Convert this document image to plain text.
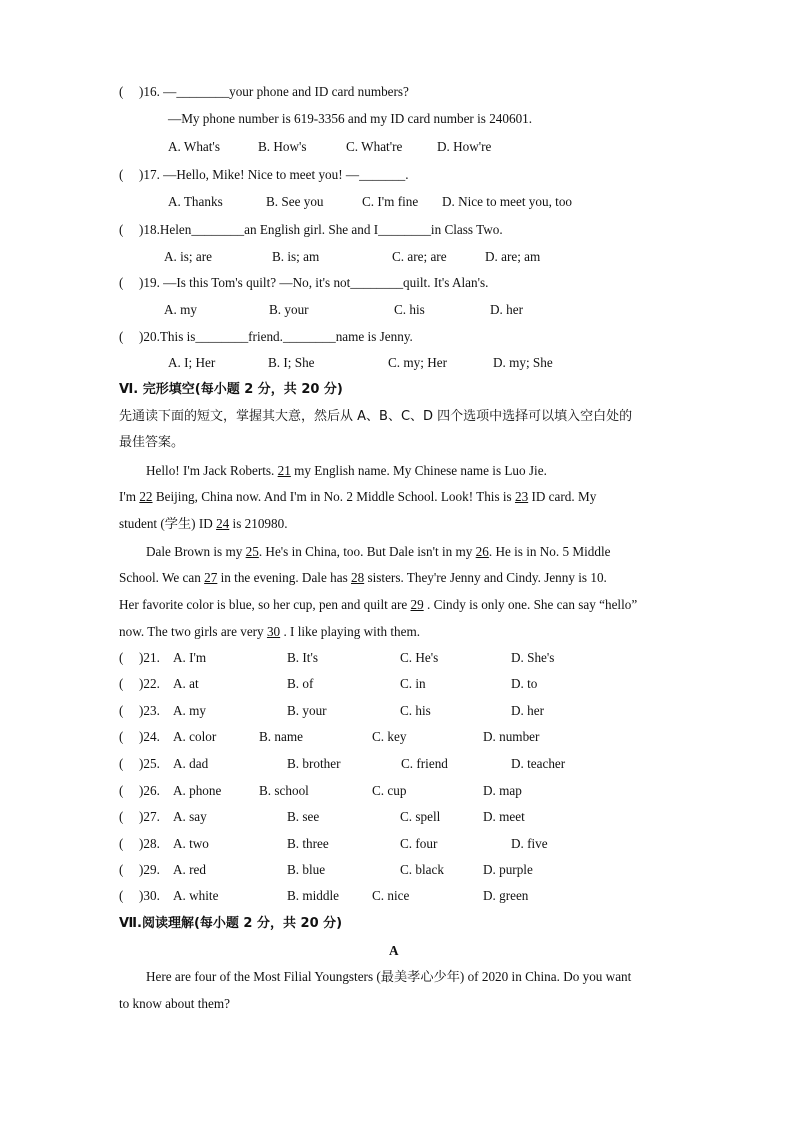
( )16. —________your phone and ID card numbers?
—My phone number is 619-3356 and my ID card number is 240601.
A. What's	B. How's	C. What're	D. How're
( )17. —Hello, Mike! Nice to meet you! —_______.
A. Thanks	B. See you	C. I'm fine D. Nice to meet you, too
( )18.Helen________an English girl. She and I________in Class Two.
A. is; are	B. is; am	C. are; are	D. are; am
( )19. —Is this Tom's quilt? —No, it's not________quilt. It's Alan's.
A. my	B. your	C. his	D. her
( )20.This is________friend.________name is Jenny.
A. I; Her	B. I; She	C. my; Her	D. my; She
Ⅵ. 完形填空(每小题 2 分，共 20 分)
先通读下面的短文，掌握其大意，然后从 A、B、C、D 四个选项中选择可以填入空白处的
最佳答案。
Hello! I'm Jack Roberts. 21 my English name. My Chinese name is Luo Jie.
I'm 22 Beijing, China now. And I'm in No. 2 Middle School. Look! This is 23 ID card. My
student (学生) ID 24 is 210980.
Dale Brown is my 25. He's in China, too. But Dale isn't in my 26. He is in No. 5 Middle
School. We can 27 in the evening. Dale has 28 sisters. They're Jenny and Cindy. Jenny is 10.
Her favorite color is blue, so her cup, pen and quilt are 29 . Cindy is only one. She can say “hello”
now. The two girls are very 30 . I like playing with them.
( )21. A. I'm	B. It's	C. He's	D. She's
( )22. A. at	B. of	C. in	D. to
( )23. A. my	B. your	C. his	D. her
( )24. A. color	B. name	C. key	D. number
( )25. A. dad	B. brother	C. friend	D. teacher
( )26. A. phone	B. school	C. cup	D. map
( )27. A. say	B. see	C. spell	D. meet
( )28. A. two	B. three	C. four	D. five
( )29. A. red	B. blue	C. black	D. purple
( )30. A. white	B. middle C. nice	D. green
Ⅶ.阅读理解(每小题 2 分，共 20 分)
A
Here are four of the Most Filial Youngsters (最美孝心少年) of 2020 in China. Do you want
to know about them?
